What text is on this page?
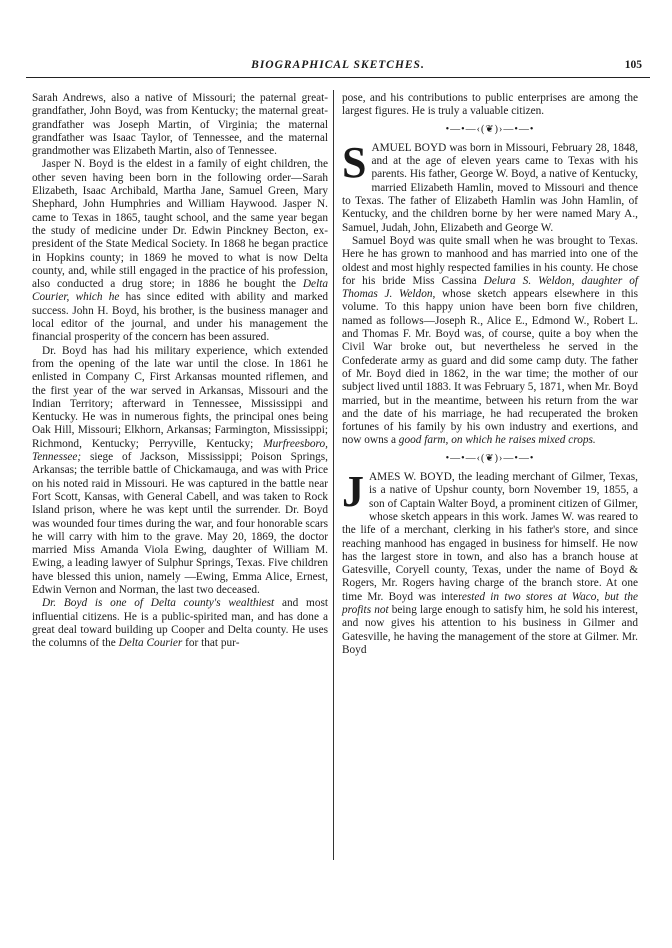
BIOGRAPHICAL SKETCHES.	105

Sarah Andrews, also a native of Missouri; the paternal great-grandfather, John Boyd, was from Kentucky; the maternal great-grandfather was Joseph Martin, of Virginia; the maternal grandfather was Isaac Taylor, of Tennessee, and the maternal grandmother was Elizabeth Martin, also of Tennessee.

Jasper N. Boyd is the eldest in a family of eight children, the other seven having been born in the following order—Sarah Elizabeth, Isaac Archibald, Martha Jane, Samuel Green, Mary Shephard, John Humphries and William Haywood. Jasper N. came to Texas in 1865, taught school, and the same year began the study of medicine under Dr. Edwin Pinckney Becton, ex-president of the State Medical Society. In 1868 he began practice in Hopkins county; in 1869 he moved to what is now Delta county, and, while still engaged in the practice of his profession, also conducted a drug store; in 1886 he bought the Delta Courier, which he has since edited with ability and marked success. John H. Boyd, his brother, is the business manager and local editor of the journal, and under his management the financial prosperity of the concern has been assured.

Dr. Boyd has had his military experience, which extended from the opening of the late war until the close. In 1861 he enlisted in Company C, First Arkansas mounted riflemen, and the first year of the war served in Arkansas, Missouri and the Indian Territory; afterward in Tennessee, Mississippi and Kentucky. He was in numerous fights, the principal ones being Oak Hill, Missouri; Elkhorn, Arkansas; Farmington, Mississippi; Richmond, Kentucky; Perryville, Kentucky; Murfreesboro, Tennessee; siege of Jackson, Mississippi; Poison Springs, Arkansas; the terrible battle of Chickamauga, and was with Price on his noted raid in Missouri. He was captured in the battle near Fort Scott, Kansas, with General Cabell, and was taken to Rock Island prison, where he was kept until the surrender. Dr. Boyd was wounded four times during the war, and four honorable scars he will carry with him to the grave. May 20, 1869, the doctor married Miss Amanda Viola Ewing, daughter of William M. Ewing, a leading lawyer of Sulphur Springs, Texas. Five children have blessed this union, namely —Ewing, Emma Alice, Ernest, Edwin Vernon and Norman, the last two deceased.

Dr. Boyd is one of Delta county's wealthiest and most influential citizens. He is a public-spirited man, and has done a great deal toward building up Cooper and Delta county. He uses the columns of the Delta Courier for that pur-

pose, and his contributions to public enterprises are among the largest figures. He is truly a valuable citizen.

•—•—‹(❦)›—•—•

SAMUEL BOYD was born in Missouri, February 28, 1848, and at the age of eleven years came to Texas with his parents. His father, George W. Boyd, a native of Kentucky, married Elizabeth Hamlin, moved to Missouri and thence to Texas. The father of Elizabeth Hamlin was John Hamlin, of Kentucky, and the children borne by her were named Mary A., Samuel, Judah, John, Elizabeth and George W.

Samuel Boyd was quite small when he was brought to Texas. Here he has grown to manhood and has married into one of the oldest and most highly respected families in his county. He chose for his bride Miss Cassina Delura S. Weldon, daughter of Thomas J. Weldon, whose sketch appears elsewhere in this volume. To this happy union have been born five children, named as follows—Joseph R., Alice E., Edmond W., Robert L. and Thomas F. Mr. Boyd was, of course, quite a boy when the Civil War broke out, but nevertheless he served in the Confederate army as guard and did some camp duty. The father of Mr. Boyd died in 1862, in the war time; the mother of our subject lived until 1883. It was February 5, 1871, when Mr. Boyd married, but in the meantime, between his return from the war and the date of his marriage, he had recuperated the broken fortunes of his family by his own industry and exertions, and now owns a good farm, on which he raises mixed crops.

•—•—‹(❦)›—•—•

JAMES W. BOYD, the leading merchant of Gilmer, Texas, is a native of Upshur county, born November 19, 1855, a son of Captain Walter Boyd, a prominent citizen of Gilmer, whose sketch appears in this work. James W. was reared to the life of a merchant, clerking in his father's store, and since reaching manhood has engaged in business for himself. He now has the largest store in town, and also has a branch house at Gatesville, Coryell county, Texas, under the name of Boyd & Rogers, Mr. Rogers having charge of the branch store. At one time Mr. Boyd was interested in two stores at Waco, but the profits not being large enough to satisfy him, he sold his interest, and now gives his attention to his business in Gilmer and Gatesville, he having the management of the store at Gilmer. Mr. Boyd
